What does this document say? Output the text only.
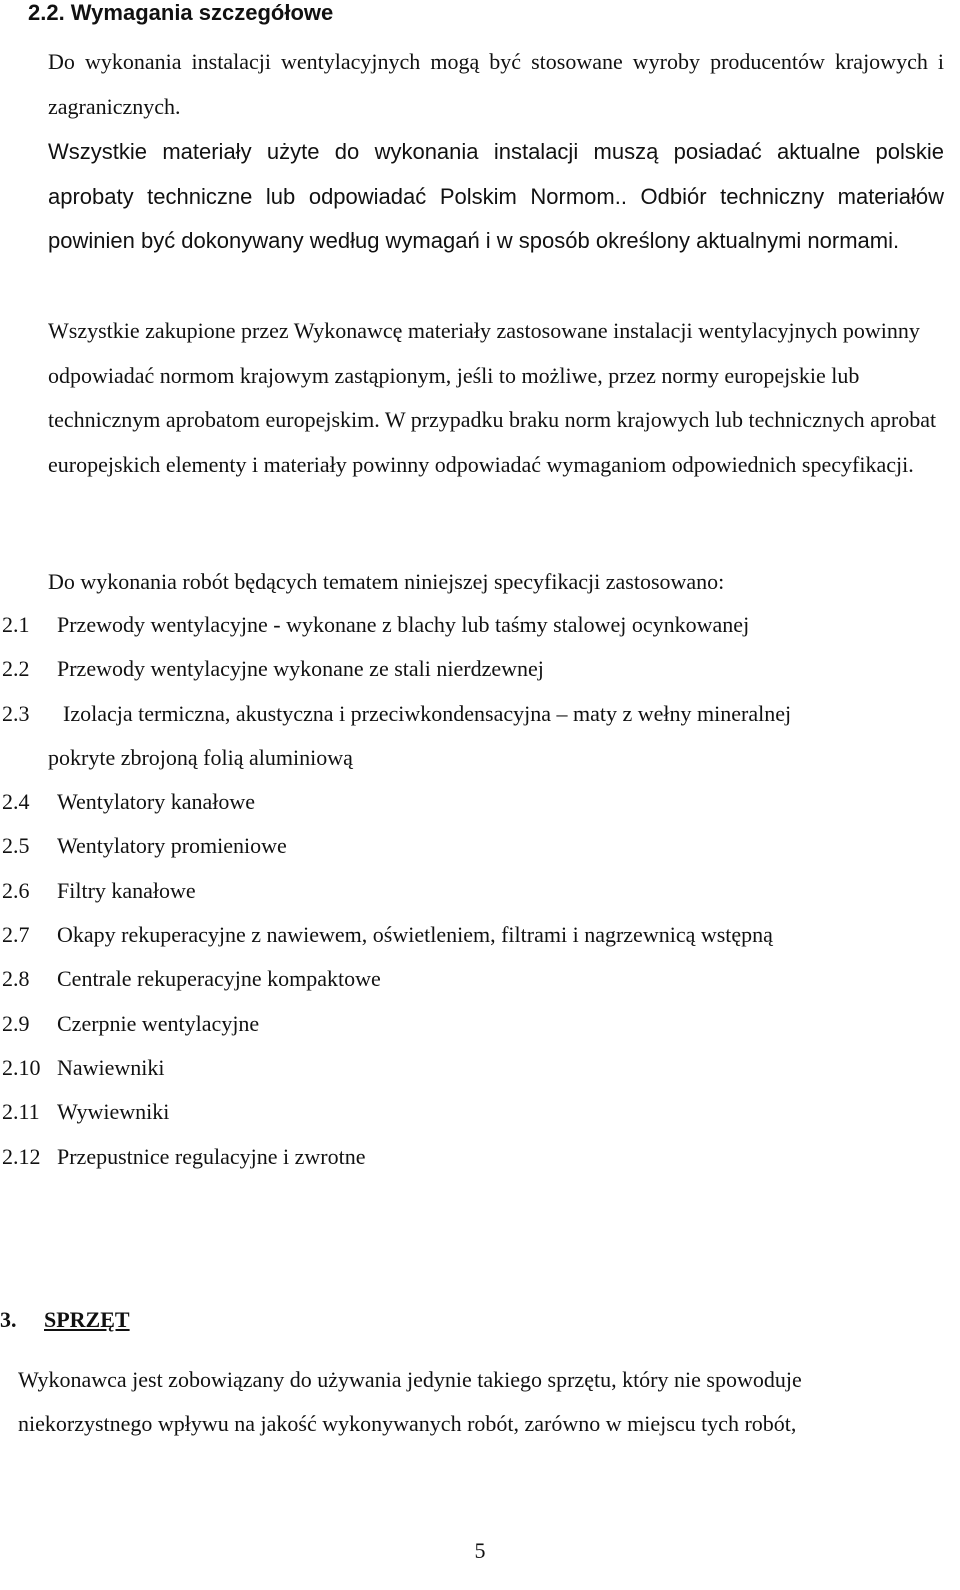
2.2. Wymagania szczegółowe

Do wykonania instalacji wentylacyjnych mogą być stosowane wyroby producentów krajowych i zagranicznych.

Wszystkie materiały użyte do wykonania instalacji muszą posiadać aktualne polskie aprobaty techniczne lub odpowiadać Polskim Normom.. Odbiór techniczny materiałów powinien być dokonywany według wymagań i w sposób określony aktualnymi normami.

Wszystkie zakupione przez Wykonawcę materiały zastosowane instalacji wentylacyjnych powinny odpowiadać normom krajowym zastąpionym, jeśli to możliwe, przez normy europejskie lub technicznym aprobatom europejskim. W przypadku braku norm krajowych lub technicznych aprobat europejskich elementy i materiały powinny odpowiadać wymaganiom odpowiednich specyfikacji.

Do wykonania robót będących tematem niniejszej specyfikacji zastosowano:

2.1	Przewody wentylacyjne - wykonane z blachy lub taśmy stalowej ocynkowanej
2.2	Przewody wentylacyjne wykonane ze stali nierdzewnej
2.3	Izolacja termiczna, akustyczna i przeciwkondensacyjna – maty z wełny mineralnej
pokryte zbrojoną folią aluminiową
2.4	Wentylatory kanałowe
2.5	Wentylatory promieniowe
2.6	Filtry kanałowe
2.7	Okapy rekuperacyjne z nawiewem, oświetleniem, filtrami i nagrzewnicą wstępną
2.8	Centrale rekuperacyjne kompaktowe
2.9	Czerpnie wentylacyjne
2.10 Nawiewniki
2.11 Wywiewniki
2.12 Przepustnice regulacyjne i zwrotne
3. SPRZĘT

Wykonawca jest zobowiązany do używania jedynie takiego sprzętu, który nie spowoduje niekorzystnego wpływu na jakość wykonywanych robót, zarówno w miejscu tych robót,

5
